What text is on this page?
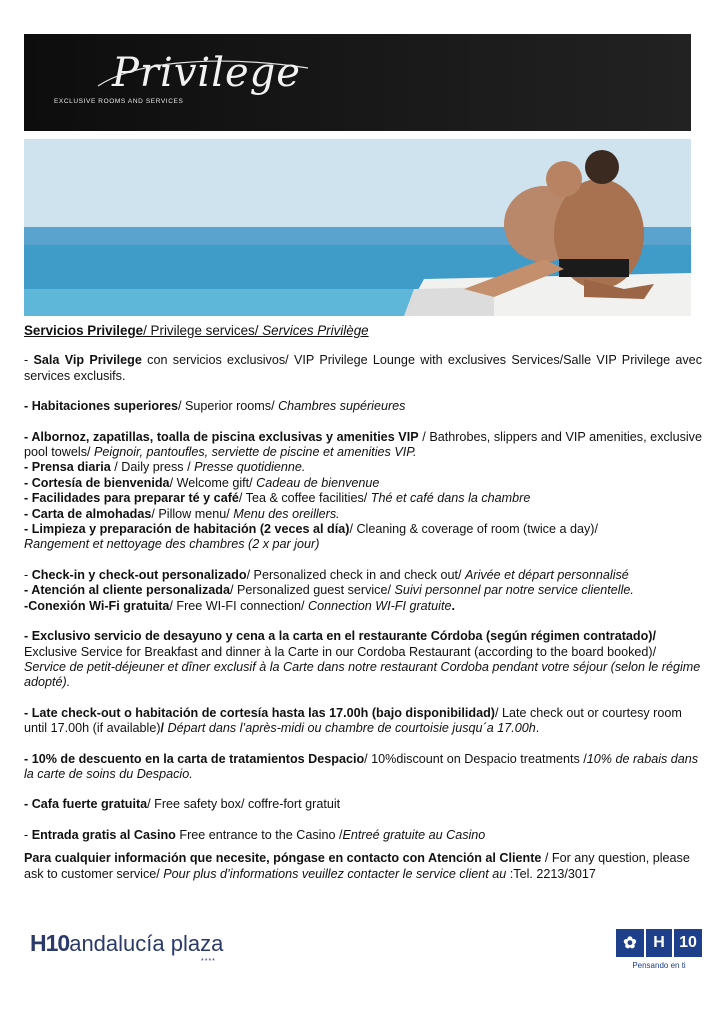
Privilege
EXCLUSIVE ROOMS AND SERVICES

Servicios Privilege/ Privilege services/ Services Privilège

- Sala Vip Privilege con servicios exclusivos/ VIP Privilege Lounge with exclusives Services/Salle VIP Privilege avec services exclusifs.

- Habitaciones superiores/ Superior rooms/ Chambres supérieures

- Albornoz, zapatillas, toalla de piscina exclusivas y amenities VIP / Bathrobes, slippers and VIP amenities, exclusive pool towels/ Peignoir, pantoufles, serviette de piscine et amenities VIP.

- Prensa diaria / Daily press / Presse quotidienne.

- Cortesía de bienvenida/ Welcome gift/ Cadeau de bienvenue

- Facilidades para preparar té y café/ Tea & coffee facilities/ Thé et café dans la chambre

- Carta de almohadas/ Pillow menu/ Menu des oreillers.

- Limpieza y preparación de habitación (2 veces al día)/ Cleaning & coverage of room (twice a day)/
Rangement et nettoyage des chambres (2 x par jour)

- Check-in y check-out personalizado/ Personalized check in and check out/ Arivée et départ personnalisé

- Atención al cliente personalizada/ Personalized guest service/ Suivi personnel par notre service clientelle.

-Conexión Wi-Fi gratuita/ Free WI-FI connection/ Connection WI-FI gratuite.

- Exclusivo servicio de desayuno y cena a la carta en el restaurante Córdoba (según régimen contratado)/
Exclusive Service for Breakfast and dinner à la Carte in our Cordoba Restaurant (according to the board booked)/
Service de petit-déjeuner et dîner exclusif à la Carte dans notre restaurant Cordoba pendant votre séjour (selon le régime adopté).

- Late check-out o habitación de cortesía hasta las 17.00h (bajo disponibilidad)/ Late check out or courtesy room until 17.00h (if available)/ Départ dans l’après-midi ou chambre de courtoisie jusqu´a 17.00h.

- 10% de descuento en la carta de tratamientos Despacio/ 10%discount on Despacio treatments /10% de rabais dans la carte de soins du Despacio.

- Cafa fuerte gratuita/ Free safety box/ coffre-fort gratuit

- Entrada gratis al Casino Free entrance to the Casino /Entreé gratuite au Casino

Para cualquier información que necesite, póngase en contacto con Atención al Cliente / For any question, please ask to customer service/ Pour plus d’informations veuillez contacter le service client au :Tel. 2213/3017

H10andalucía plaza
****
✿	H 10
Pensando en ti
